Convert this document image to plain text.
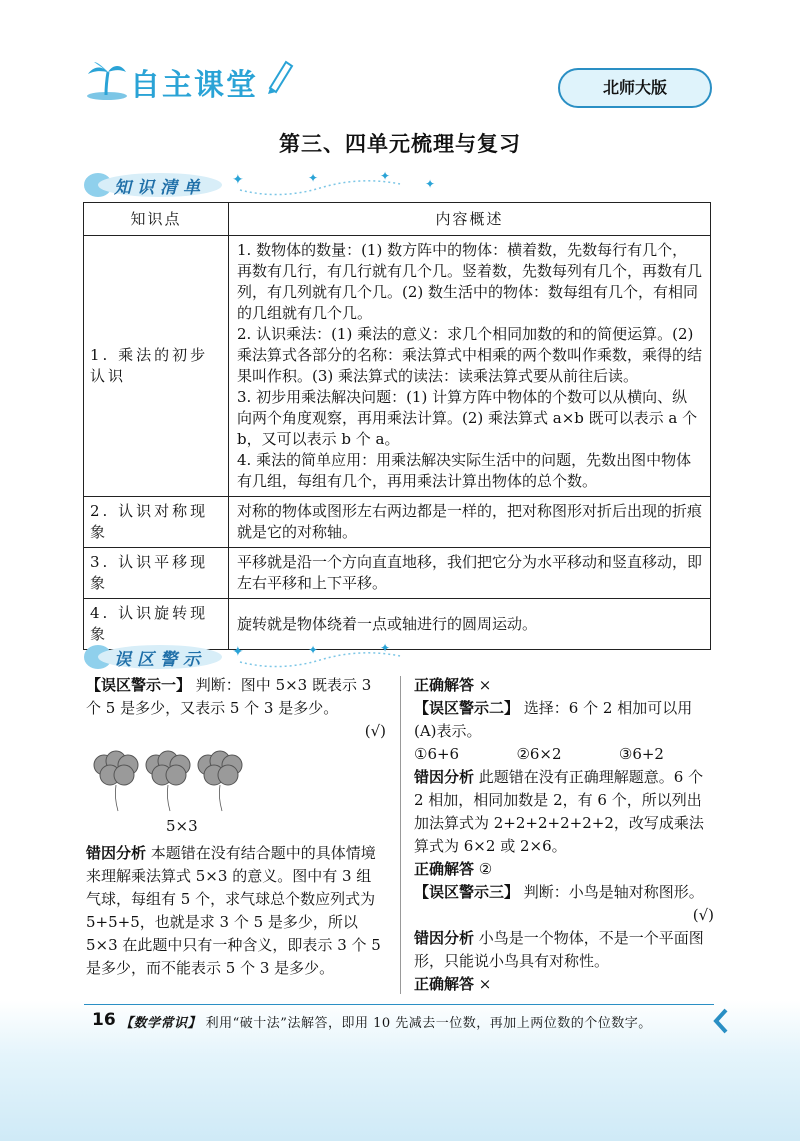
自主课堂	北师大版
第三、四单元梳理与复习
✦	✦	✦
✦
知识清单
知识点	内容概述
1. 乘法的初步认识	1. 数物体的数量：(1) 数方阵中的物体：横着数，先数每行有几个，再数有几行，有几行就有几个几。竖着数，先数每列有几个，再数有几列，有几列就有几个几。(2) 数生活中的物体：数每组有几个，有相同的几组就有几个几。

2. 认识乘法：(1) 乘法的意义：求几个相同加数的和的简便运算。(2) 乘法算式各部分的名称：乘法算式中相乘的两个数叫作乘数，乘得的结果叫作积。(3) 乘法算式的读法：读乘法算式要从前往后读。

3. 初步用乘法解决问题：(1) 计算方阵中物体的个数可以从横向、纵向两个角度观察，再用乘法计算。(2) 乘法算式 a×b 既可以表示 a 个 b，又可以表示 b 个 a。

4. 乘法的简单应用：用乘法解决实际生活中的问题，先数出图中物体有几组，每组有几个，再用乘法计算出物体的总个数。

2. 认识对称现象	对称的物体或图形左右两边都是一样的，把对称图形对折后出现的折痕就是它的对称轴。
3. 认识平移现象	平移就是沿一个方向直直地移，我们把它分为水平移动和竖直移动，即左右平移和上下平移。
4. 认识旋转现象	旋转就是物体绕着一点或轴进行的圆周运动。
✦	✦	✦
误区警示

【误区警示一】 判断：图中 5×3 既表示 3 个 5 是多少，又表示 5 个 3 是多少。

(√)

5×3

错因分析 本题错在没有结合题中的具体情境来理解乘法算式 5×3 的意义。图中有 3 组气球，每组有 5 个，求气球总个数应列式为 5+5+5，也就是求 3 个 5 是多少，所以 5×3 在此题中只有一种含义，即表示 3 个 5 是多少，而不能表示 5 个 3 是多少。

正确解答 ×

【误区警示二】 选择：6 个 2 相加可以用(A)表示。

①6+6	②6×2	③6+2

错因分析 此题错在没有正确理解题意。6 个 2 相加，相同加数是 2，有 6 个，所以列出加法算式为 2+2+2+2+2+2，改写成乘法算式为 6×2 或 2×6。

正确解答 ②

【误区警示三】 判断：小鸟是轴对称图形。

(√)

错因分析 小鸟是一个物体，不是一个平面图形，只能说小鸟具有对称性。

正确解答 ×

16 【数学常识】 利用“破十法”法解答，即用 10 先减去一位数，再加上两位数的个位数字。
